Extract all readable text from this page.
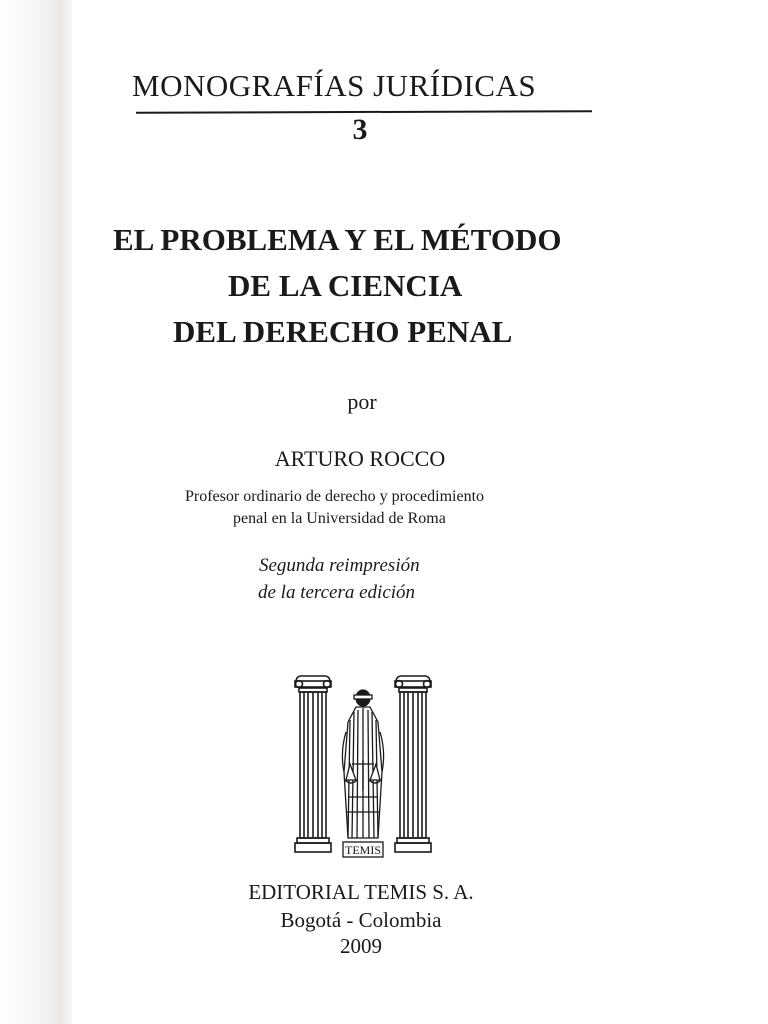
MONOGRAFÍAS JURÍDICAS
3
EL PROBLEMA Y EL MÉTODO
DE LA CIENCIA
DEL DERECHO PENAL
por
ARTURO ROCCO
Profesor ordinario de derecho y procedimiento
penal en la Universidad de Roma
Segunda reimpresión
de la tercera edición
TEMIS
EDITORIAL TEMIS S. A.
Bogotá - Colombia
2009
